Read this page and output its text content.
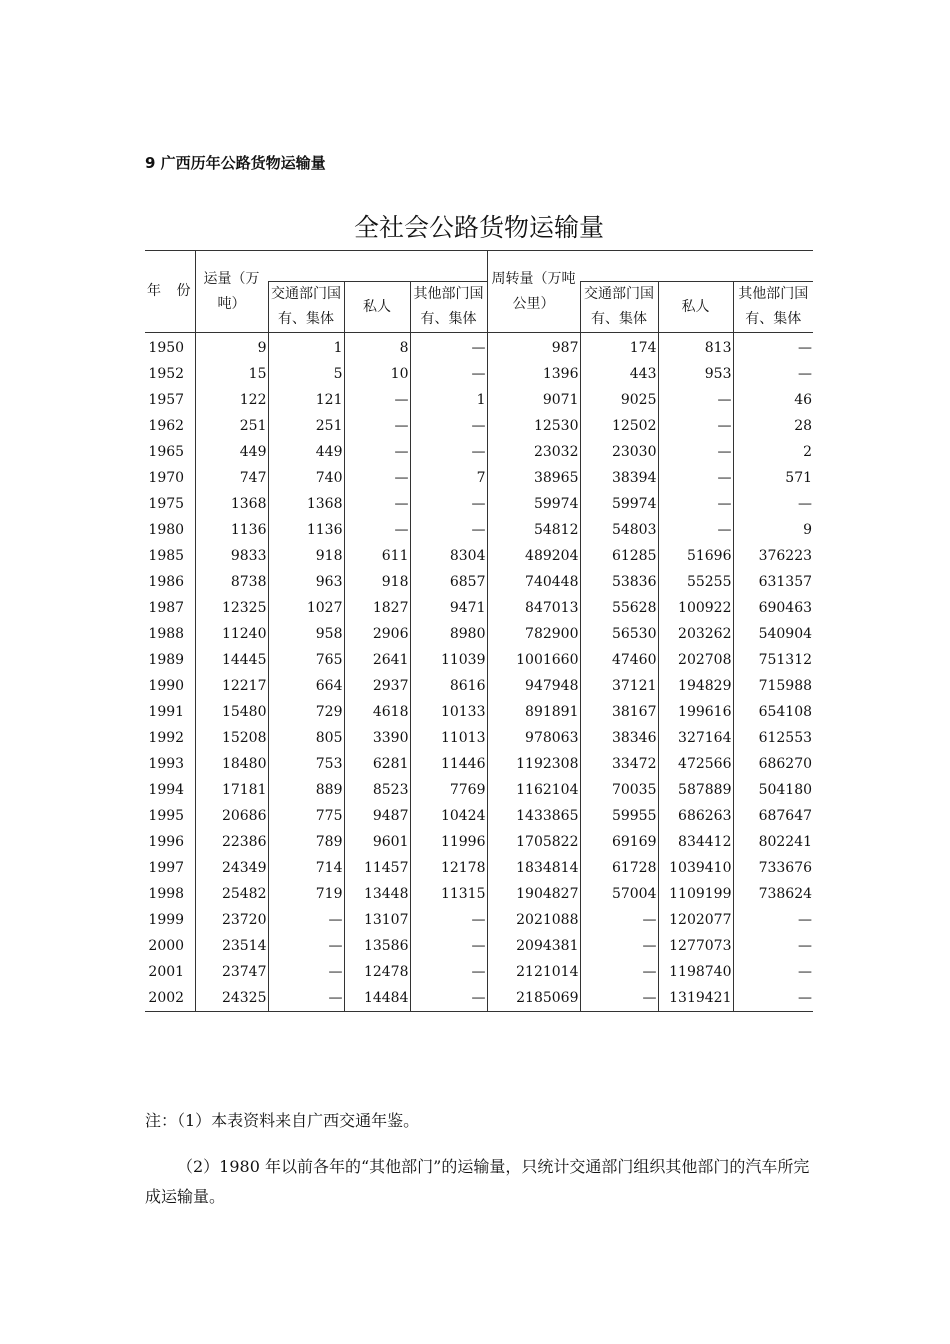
9 广西历年公路货物运输量
全社会公路货物运输量
年 份	运量（万吨）				周转量（万吨公里）			
		交通部门国有、集体	私人	其他部门国有、集体		交通部门国有、集体	私人	其他部门国有、集体
1950	9	1	8	—	987	174	813	—
1952	15	5	10	—	1396	443	953	—
1957	122	121	—	1	9071	9025	—	46
1962	251	251	—	—	12530	12502	—	28
1965	449	449	—	—	23032	23030	—	2
1970	747	740	—	7	38965	38394	—	571
1975	1368	1368	—	—	59974	59974	—	—
1980	1136	1136	—	—	54812	54803	—	9
1985	9833	918	611	8304	489204	61285	51696	376223
1986	8738	963	918	6857	740448	53836	55255	631357
1987	12325	1027	1827	9471	847013	55628	100922	690463
1988	11240	958	2906	8980	782900	56530	203262	540904
1989	14445	765	2641	11039	1001660	47460	202708	751312
1990	12217	664	2937	8616	947948	37121	194829	715988
1991	15480	729	4618	10133	891891	38167	199616	654108
1992	15208	805	3390	11013	978063	38346	327164	612553
1993	18480	753	6281	11446	1192308	33472	472566	686270
1994	17181	889	8523	7769	1162104	70035	587889	504180
1995	20686	775	9487	10424	1433865	59955	686263	687647
1996	22386	789	9601	11996	1705822	69169	834412	802241
1997	24349	714	11457	12178	1834814	61728	1039410	733676
1998	25482	719	13448	11315	1904827	57004	1109199	738624
1999	23720	—	13107	—	2021088	—	1202077	—
2000	23514	—	13586	—	2094381	—	1277073	—
2001	23747	—	12478	—	2121014	—	1198740	—
2002	24325	—	14484	—	2185069	—	1319421	—
注：（1）本表资料来自广西交通年鉴。
（2）1980 年以前各年的“其他部门”的运输量，只统计交通部门组织其他部门的汽车所完成运输量。
